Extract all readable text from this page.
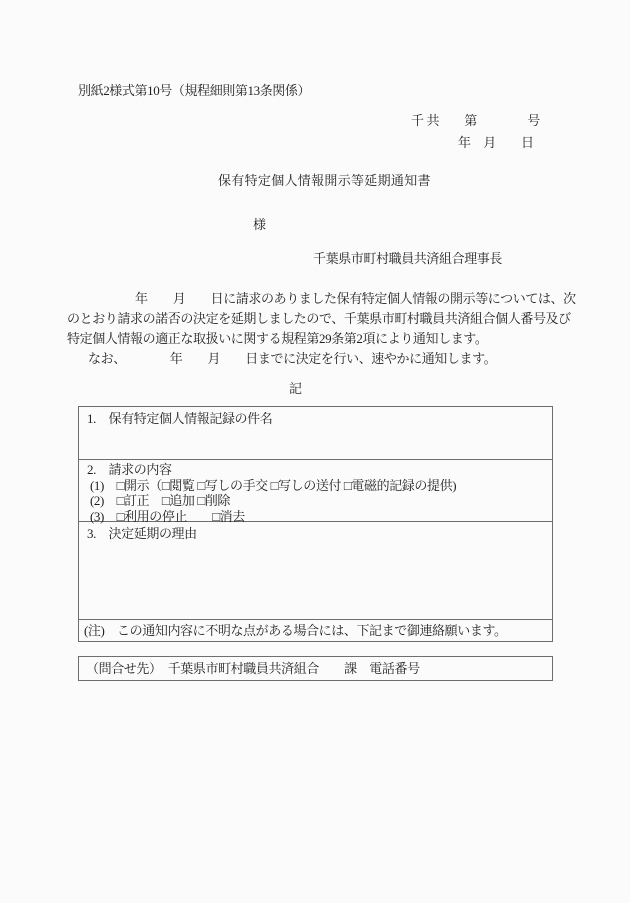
別紙2様式第10号（規程細則第13条関係）
千 共　　第　　　　号
年　月　　日
保有特定個人情報開示等延期通知書
様
千葉県市町村職員共済組合理事長
年　　月　　日に請求のありました保有特定個人情報の開示等については、次
のとおり請求の諾否の決定を延期しましたので、千葉県市町村職員共済組合個人番号及び
特定個人情報の適正な取扱いに関する規程第29条第2項により通知します。
なお、　　　　年　　月　　日までに決定を行い、速やかに通知します。
記
1.　保有特定個人情報記録の件名
2.　請求の内容
(1)　 □開示（□閲覧 □写しの手交 □写しの送付 □電磁的記録の提供)
(2)　 □訂正　□追加 □削除
(3)　 □利用の停止　　□消去
3.　決定延期の理由
(注)　この通知内容に不明な点がある場合には、下記まで御連絡願います。
（問合せ先）　千葉県市町村職員共済組合　　課　電話番号
